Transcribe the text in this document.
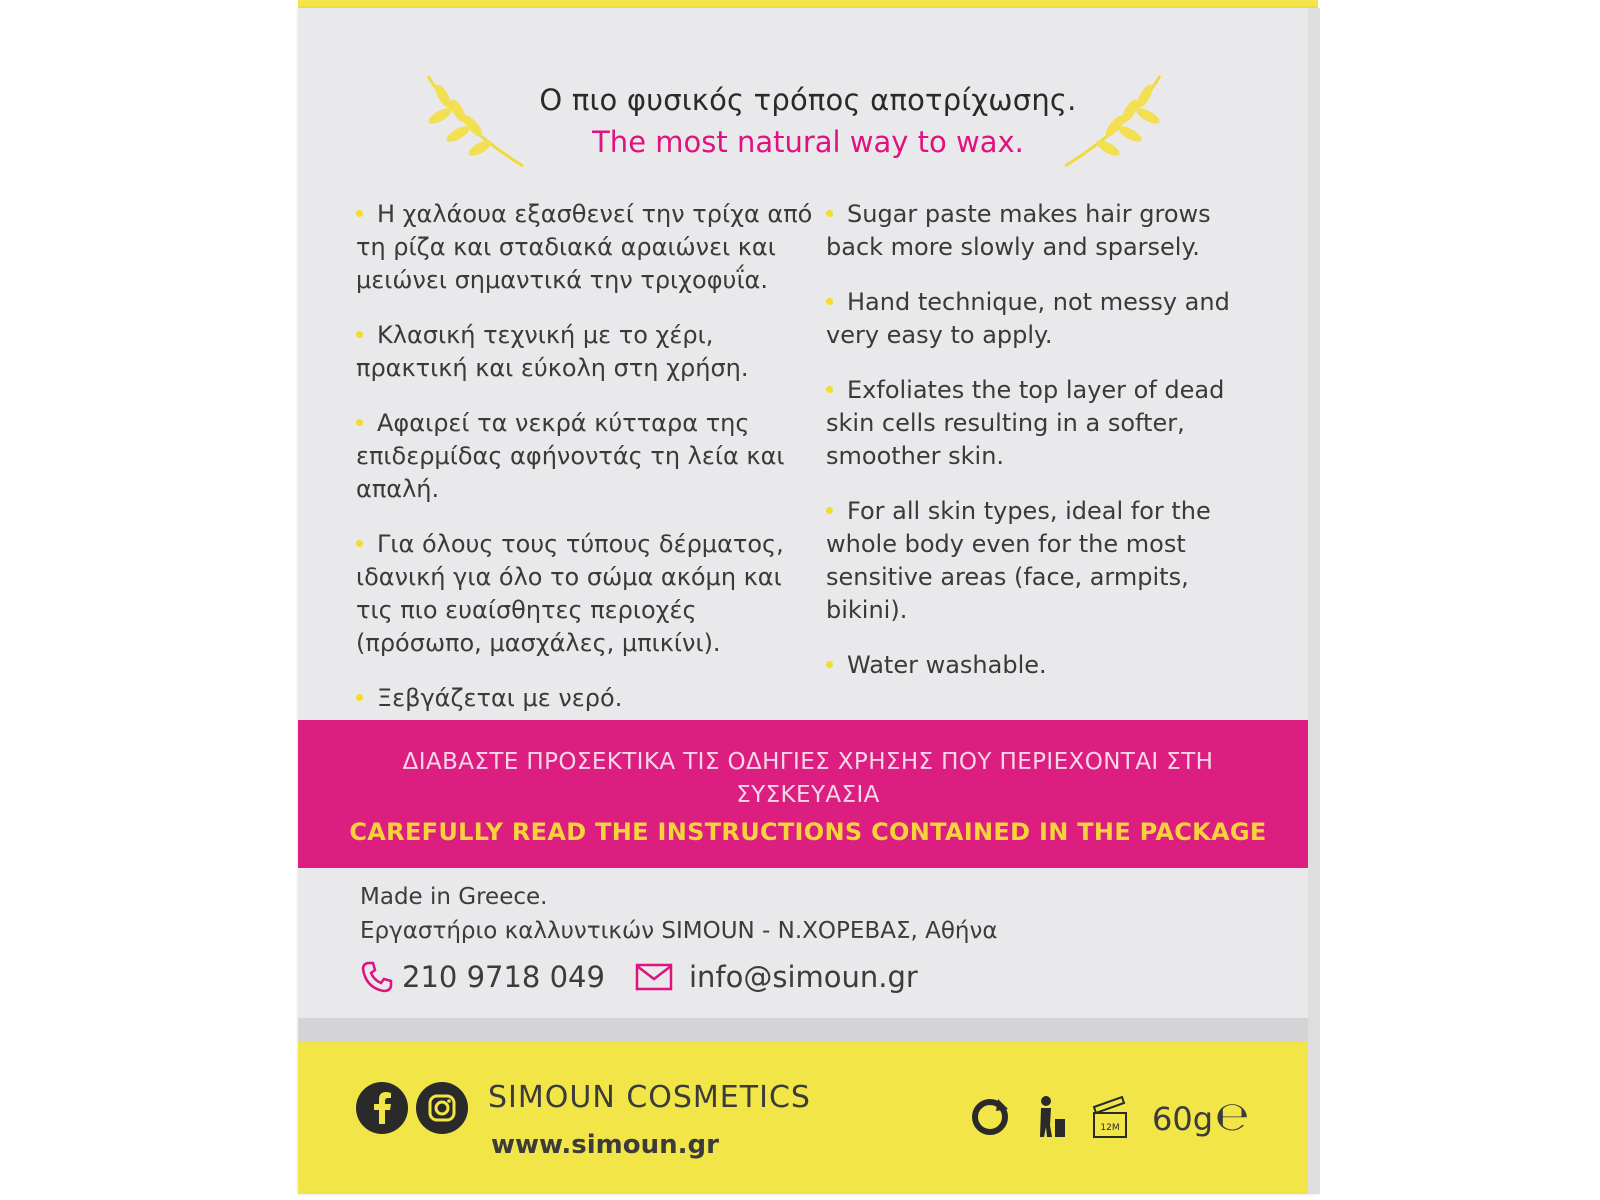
Ο πιο φυσικός τρόπος αποτρίχωσης.
The most natural way to wax.
Η χαλάουα εξασθενεί την τρίχα από τη ρίζα και σταδιακά αραιώνει και μειώνει σημαντικά την τριχοφυΐα.
Κλασική τεχνική με το χέρι, πρακτική και εύκολη στη χρήση.
Αφαιρεί τα νεκρά κύτταρα της επιδερμίδας αφήνοντάς τη λεία και απαλή.
Για όλους τους τύπους δέρματος, ιδανική για όλο το σώμα ακόμη και τις πιο ευαίσθητες περιοχές (πρόσωπο, μασχάλες, μπικίνι).
Ξεβγάζεται με νερό.
Sugar paste makes hair grows back more slowly and sparsely.
Hand technique, not messy and very easy to apply.
Exfoliates the top layer of dead skin cells resulting in a softer, smoother skin.
For all skin types, ideal for the whole body even for the most sensitive areas (face, armpits, bikini).
Water washable.
ΔΙΑΒΑΣΤΕ ΠΡΟΣΕΚΤΙΚΑ ΤΙΣ ΟΔΗΓΙΕΣ ΧΡΗΣΗΣ ΠΟΥ ΠΕΡΙΕΧΟΝΤΑΙ ΣΤΗ ΣΥΣΚΕΥΑΣΙΑ
CAREFULLY READ THE INSTRUCTIONS CONTAINED IN THE PACKAGE
Made in Greece.
Εργαστήριο καλλυντικών SIMOUN - Ν.ΧΟΡΕΒΑΣ, Αθήνα
210 9718 049	info@simoun.gr
SIMOUN COSMETICS
www.simoun.gr
12M 60g ℮
